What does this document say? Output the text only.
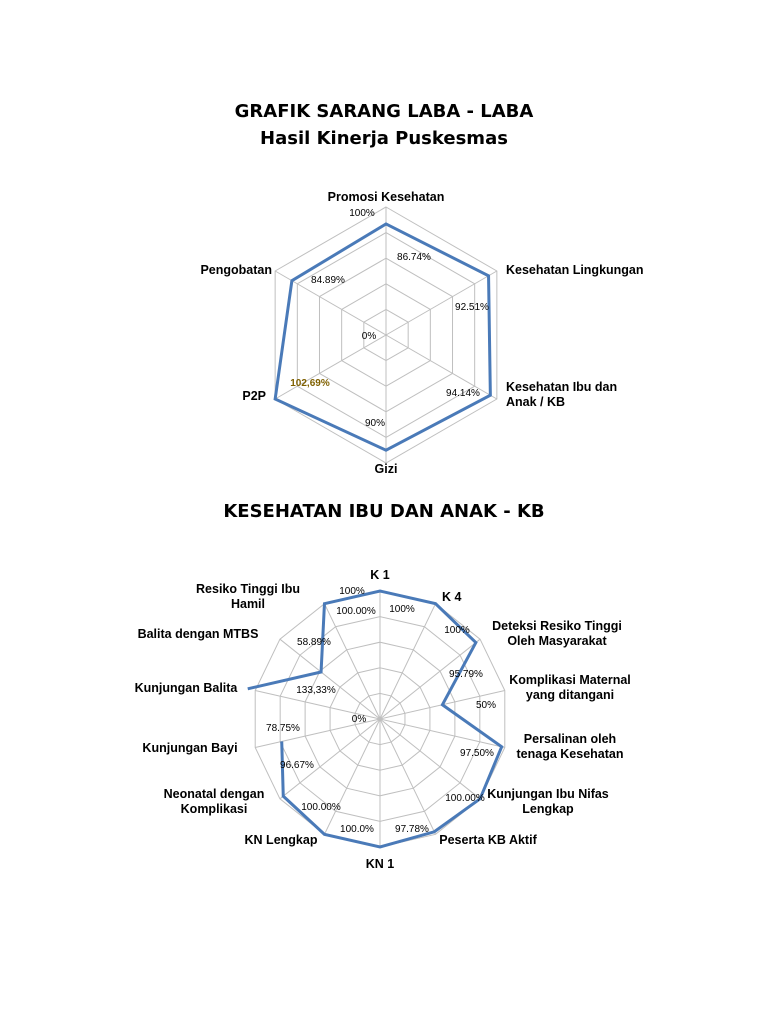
GRAFIK SARANG LABA - LABA
Hasil Kinerja Puskesmas
KESEHATAN IBU DAN ANAK - KB
0%
100%
86.74%
92.51%
94.14%
90%
102,69%
84.89%
Promosi Kesehatan
Kesehatan Lingkungan
Kesehatan Ibu dan Anak / KB
Gizi
P2P
Pengobatan
0%
100%
100%
100%
95.79%
50%
97.50%
100.00%
97.78%
100.0%
100.00%
96.67%
78.75%
133,33%
58.89%
100.00%
K 1
K 4
Deteksi Resiko Tinggi Oleh Masyarakat
Komplikasi Maternal yang ditangani
Persalinan oleh tenaga Kesehatan
Kunjungan Ibu Nifas Lengkap
Peserta KB Aktif
KN 1
KN Lengkap
Neonatal dengan Komplikasi
Kunjungan Bayi
Kunjungan Balita
Balita dengan MTBS
Resiko Tinggi Ibu Hamil
